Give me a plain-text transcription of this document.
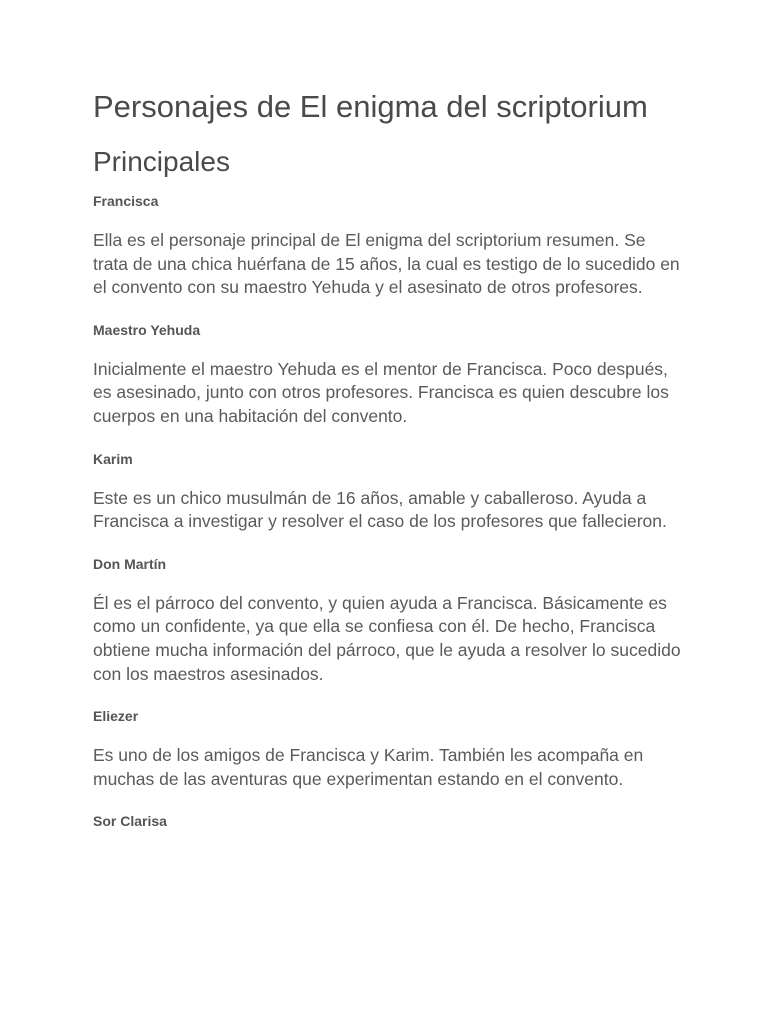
Personajes de El enigma del scriptorium
Principales
Francisca

Ella es el personaje principal de El enigma del scriptorium resumen. Se trata de una chica huérfana de 15 años, la cual es testigo de lo sucedido en el convento con su maestro Yehuda y el asesinato de otros profesores.

Maestro Yehuda

Inicialmente el maestro Yehuda es el mentor de Francisca. Poco después, es asesinado, junto con otros profesores. Francisca es quien descubre los cuerpos en una habitación del convento.

Karim

Este es un chico musulmán de 16 años, amable y caballeroso. Ayuda a Francisca a investigar y resolver el caso de los profesores que fallecieron.

Don Martín

Él es el párroco del convento, y quien ayuda a Francisca. Básicamente es como un confidente, ya que ella se confiesa con él. De hecho, Francisca obtiene mucha información del párroco, que le ayuda a resolver lo sucedido con los maestros asesinados.

Eliezer

Es uno de los amigos de Francisca y Karim. También les acompaña en muchas de las aventuras que experimentan estando en el convento.

Sor Clarisa
